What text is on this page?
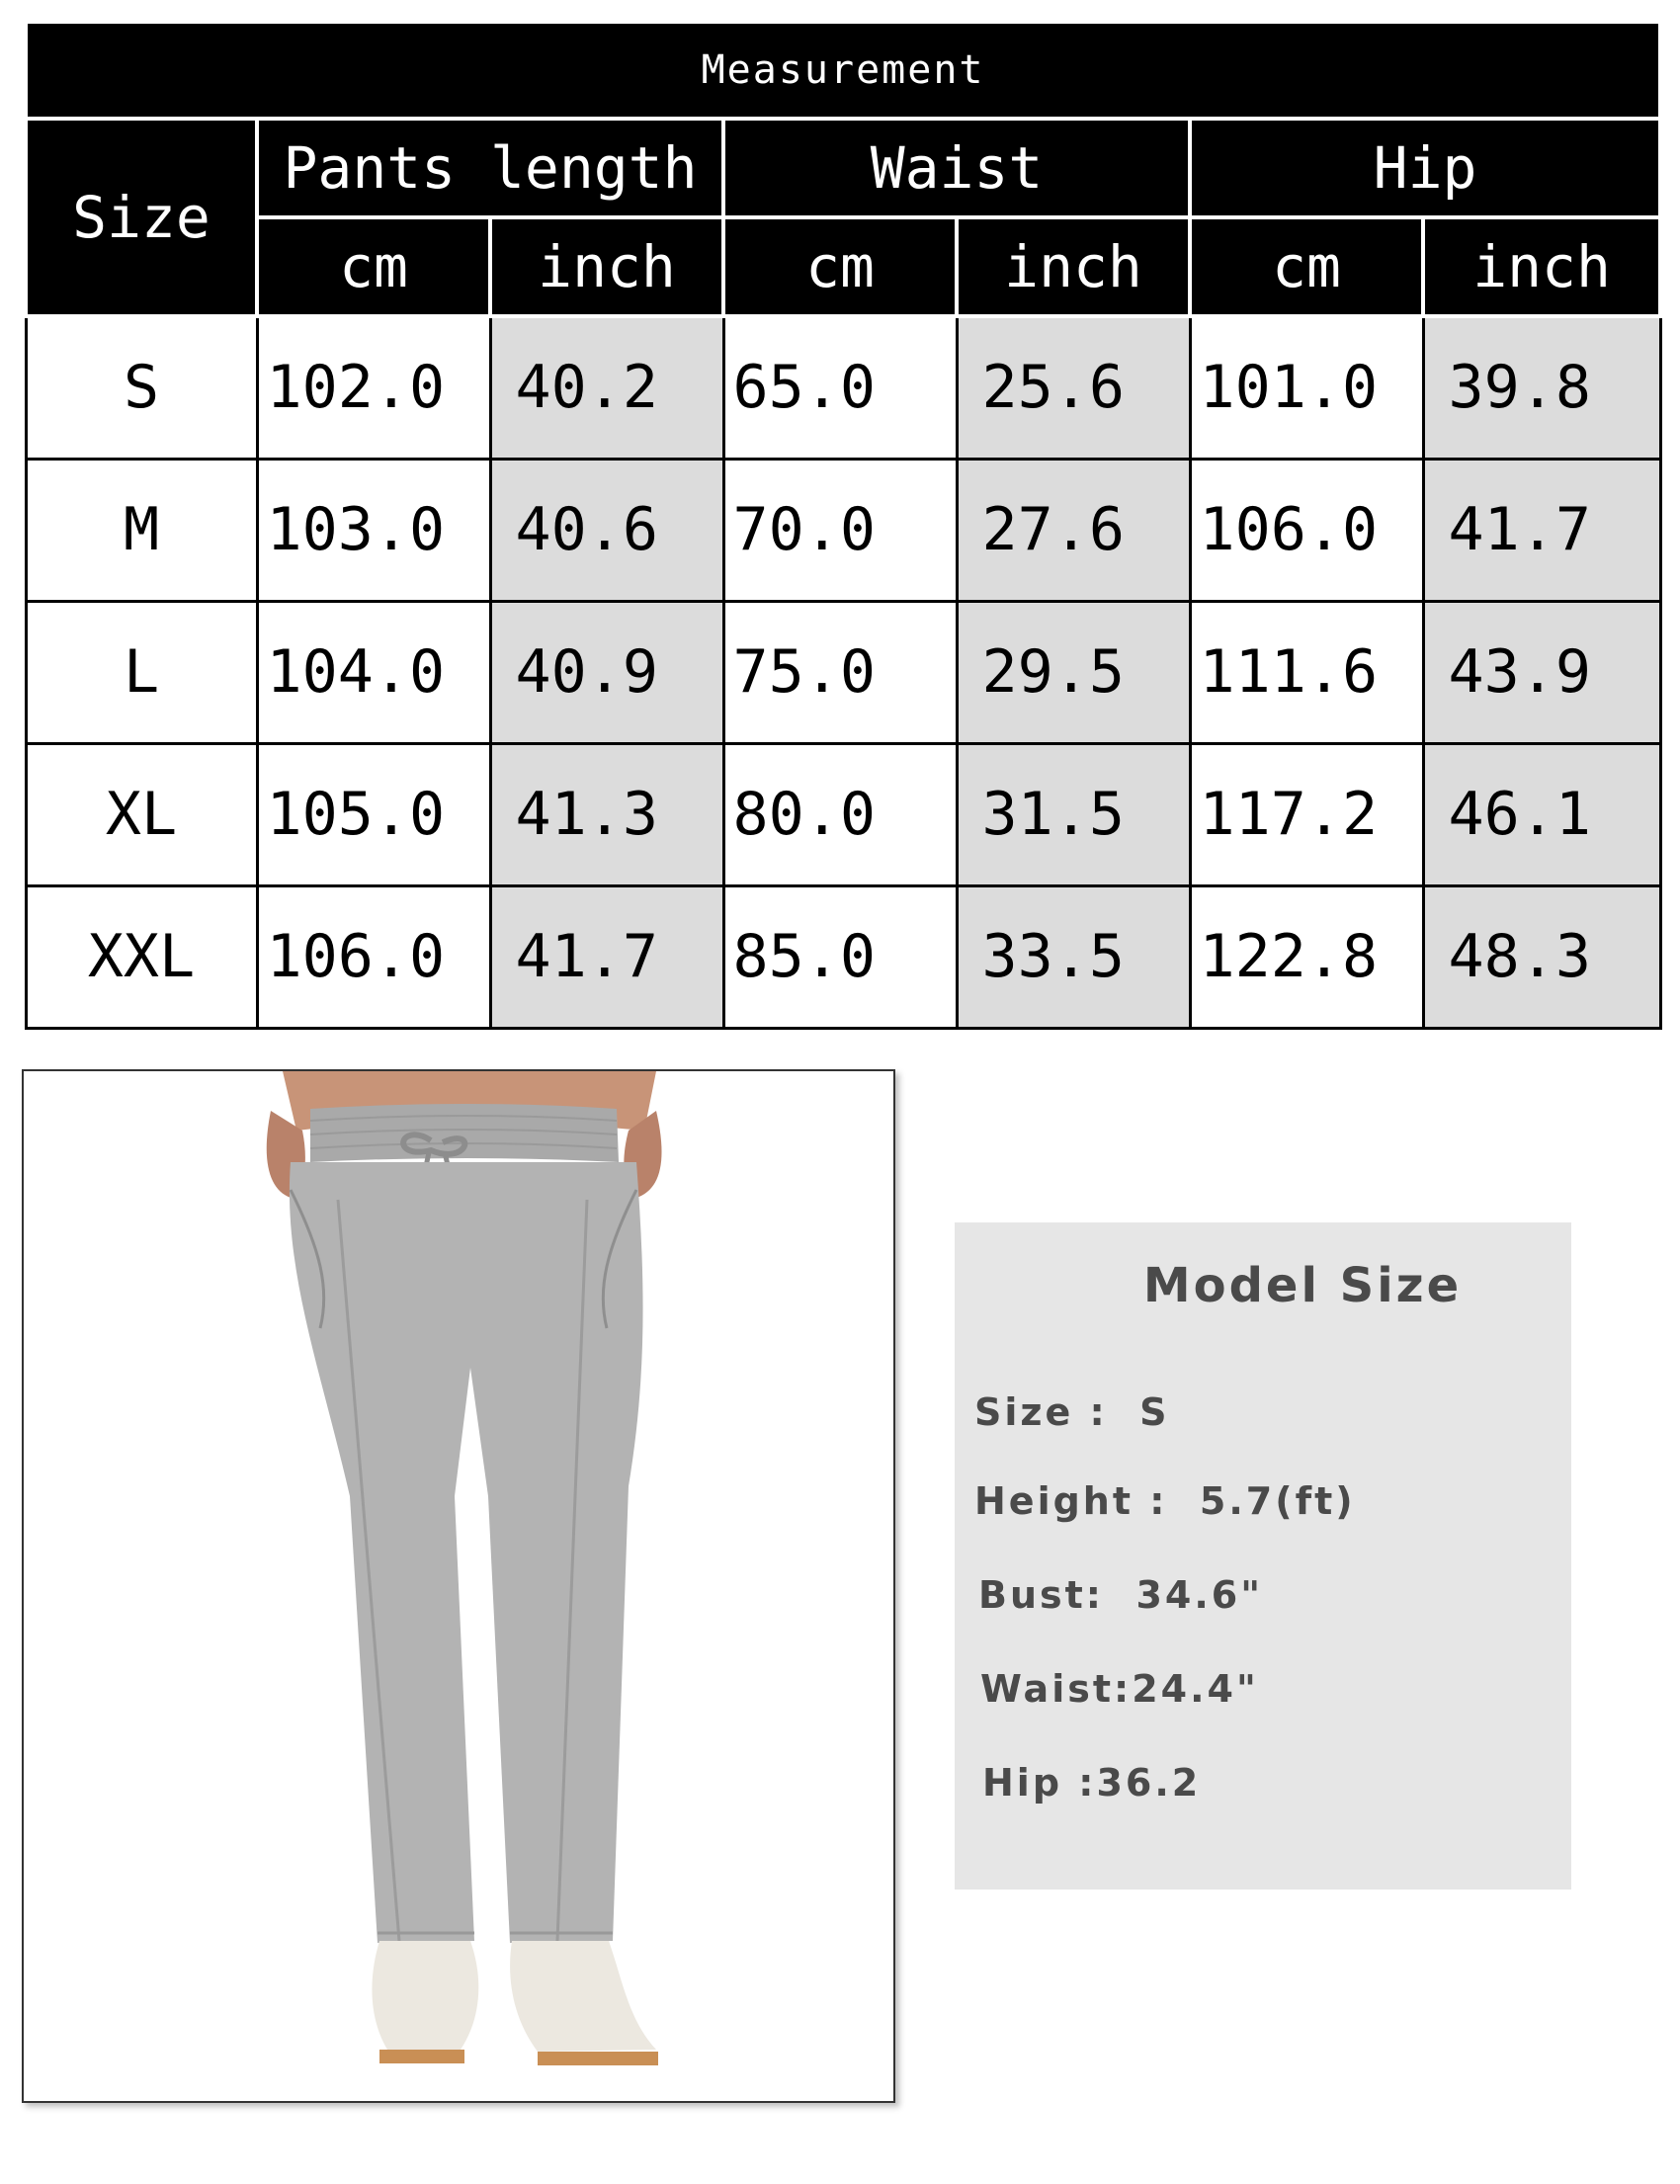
Measurement						
Size	Pants length		Waist		Hip	
	cm	inch	cm	inch	cm	inch
S	102.0	40.2	65.0	25.6	101.0	39.8
M	103.0	40.6	70.0	27.6	106.0	41.7
L	104.0	40.9	75.0	29.5	111.6	43.9
XL	105.0	41.3	80.0	31.5	117.2	46.1
XXL	106.0	41.7	85.0	33.5	122.8	48.3
Model Size
Size :  S
Height :  5.7(ft)
Bust:  34.6"
Waist:24.4"
Hip :36.2
